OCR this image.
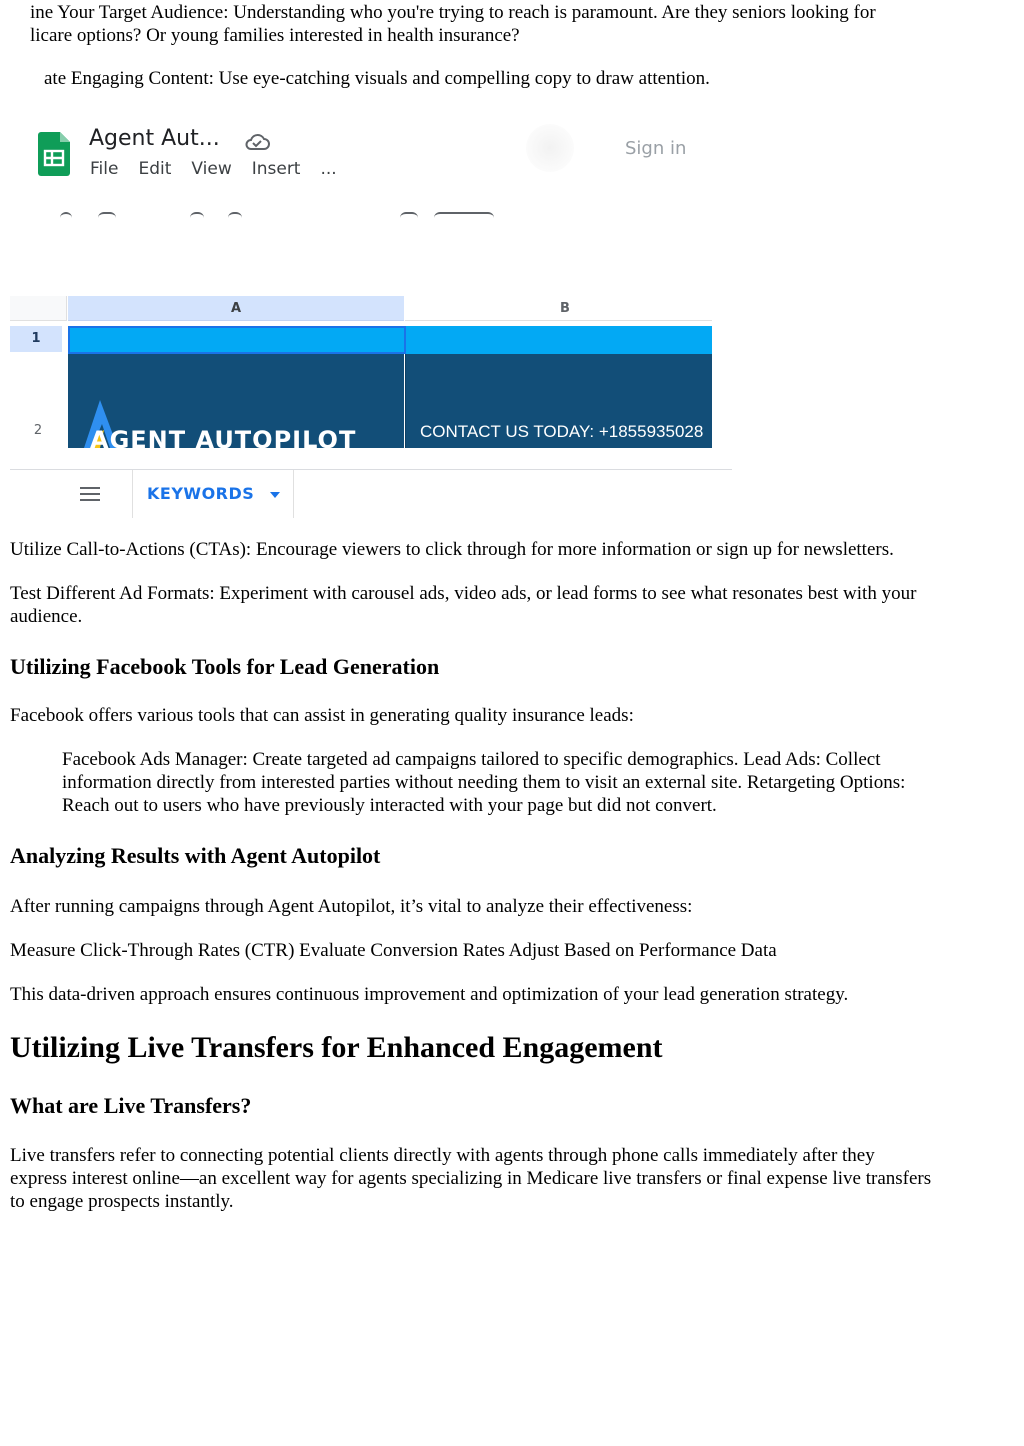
ine Your Target Audience: Understanding who you're trying to reach is paramount. Are they seniors looking for

licare options? Or young families interested in health insurance?

ate Engaging Content: Use eye-catching visuals and compelling copy to draw attention.

Agent Aut...
File Edit View Insert ...
Sign in
A	B
1
2	AGENT AUTOPILOT	CONTACT US TODAY: +1855935028
KEYWORDS

Utilize Call-to-Actions (CTAs): Encourage viewers to click through for more information or sign up for newsletters.

Test Different Ad Formats: Experiment with carousel ads, video ads, or lead forms to see what resonates best with your

audience.

Utilizing Facebook Tools for Lead Generation

Facebook offers various tools that can assist in generating quality insurance leads:

Facebook Ads Manager: Create targeted ad campaigns tailored to specific demographics. Lead Ads: Collect

information directly from interested parties without needing them to visit an external site. Retargeting Options:

Reach out to users who have previously interacted with your page but did not convert.

Analyzing Results with Agent Autopilot

After running campaigns through Agent Autopilot, it’s vital to analyze their effectiveness:

Measure Click-Through Rates (CTR) Evaluate Conversion Rates Adjust Based on Performance Data

This data-driven approach ensures continuous improvement and optimization of your lead generation strategy.

Utilizing Live Transfers for Enhanced Engagement
What are Live Transfers?

Live transfers refer to connecting potential clients directly with agents through phone calls immediately after they

express interest online—an excellent way for agents specializing in Medicare live transfers or final expense live transfers

to engage prospects instantly.
